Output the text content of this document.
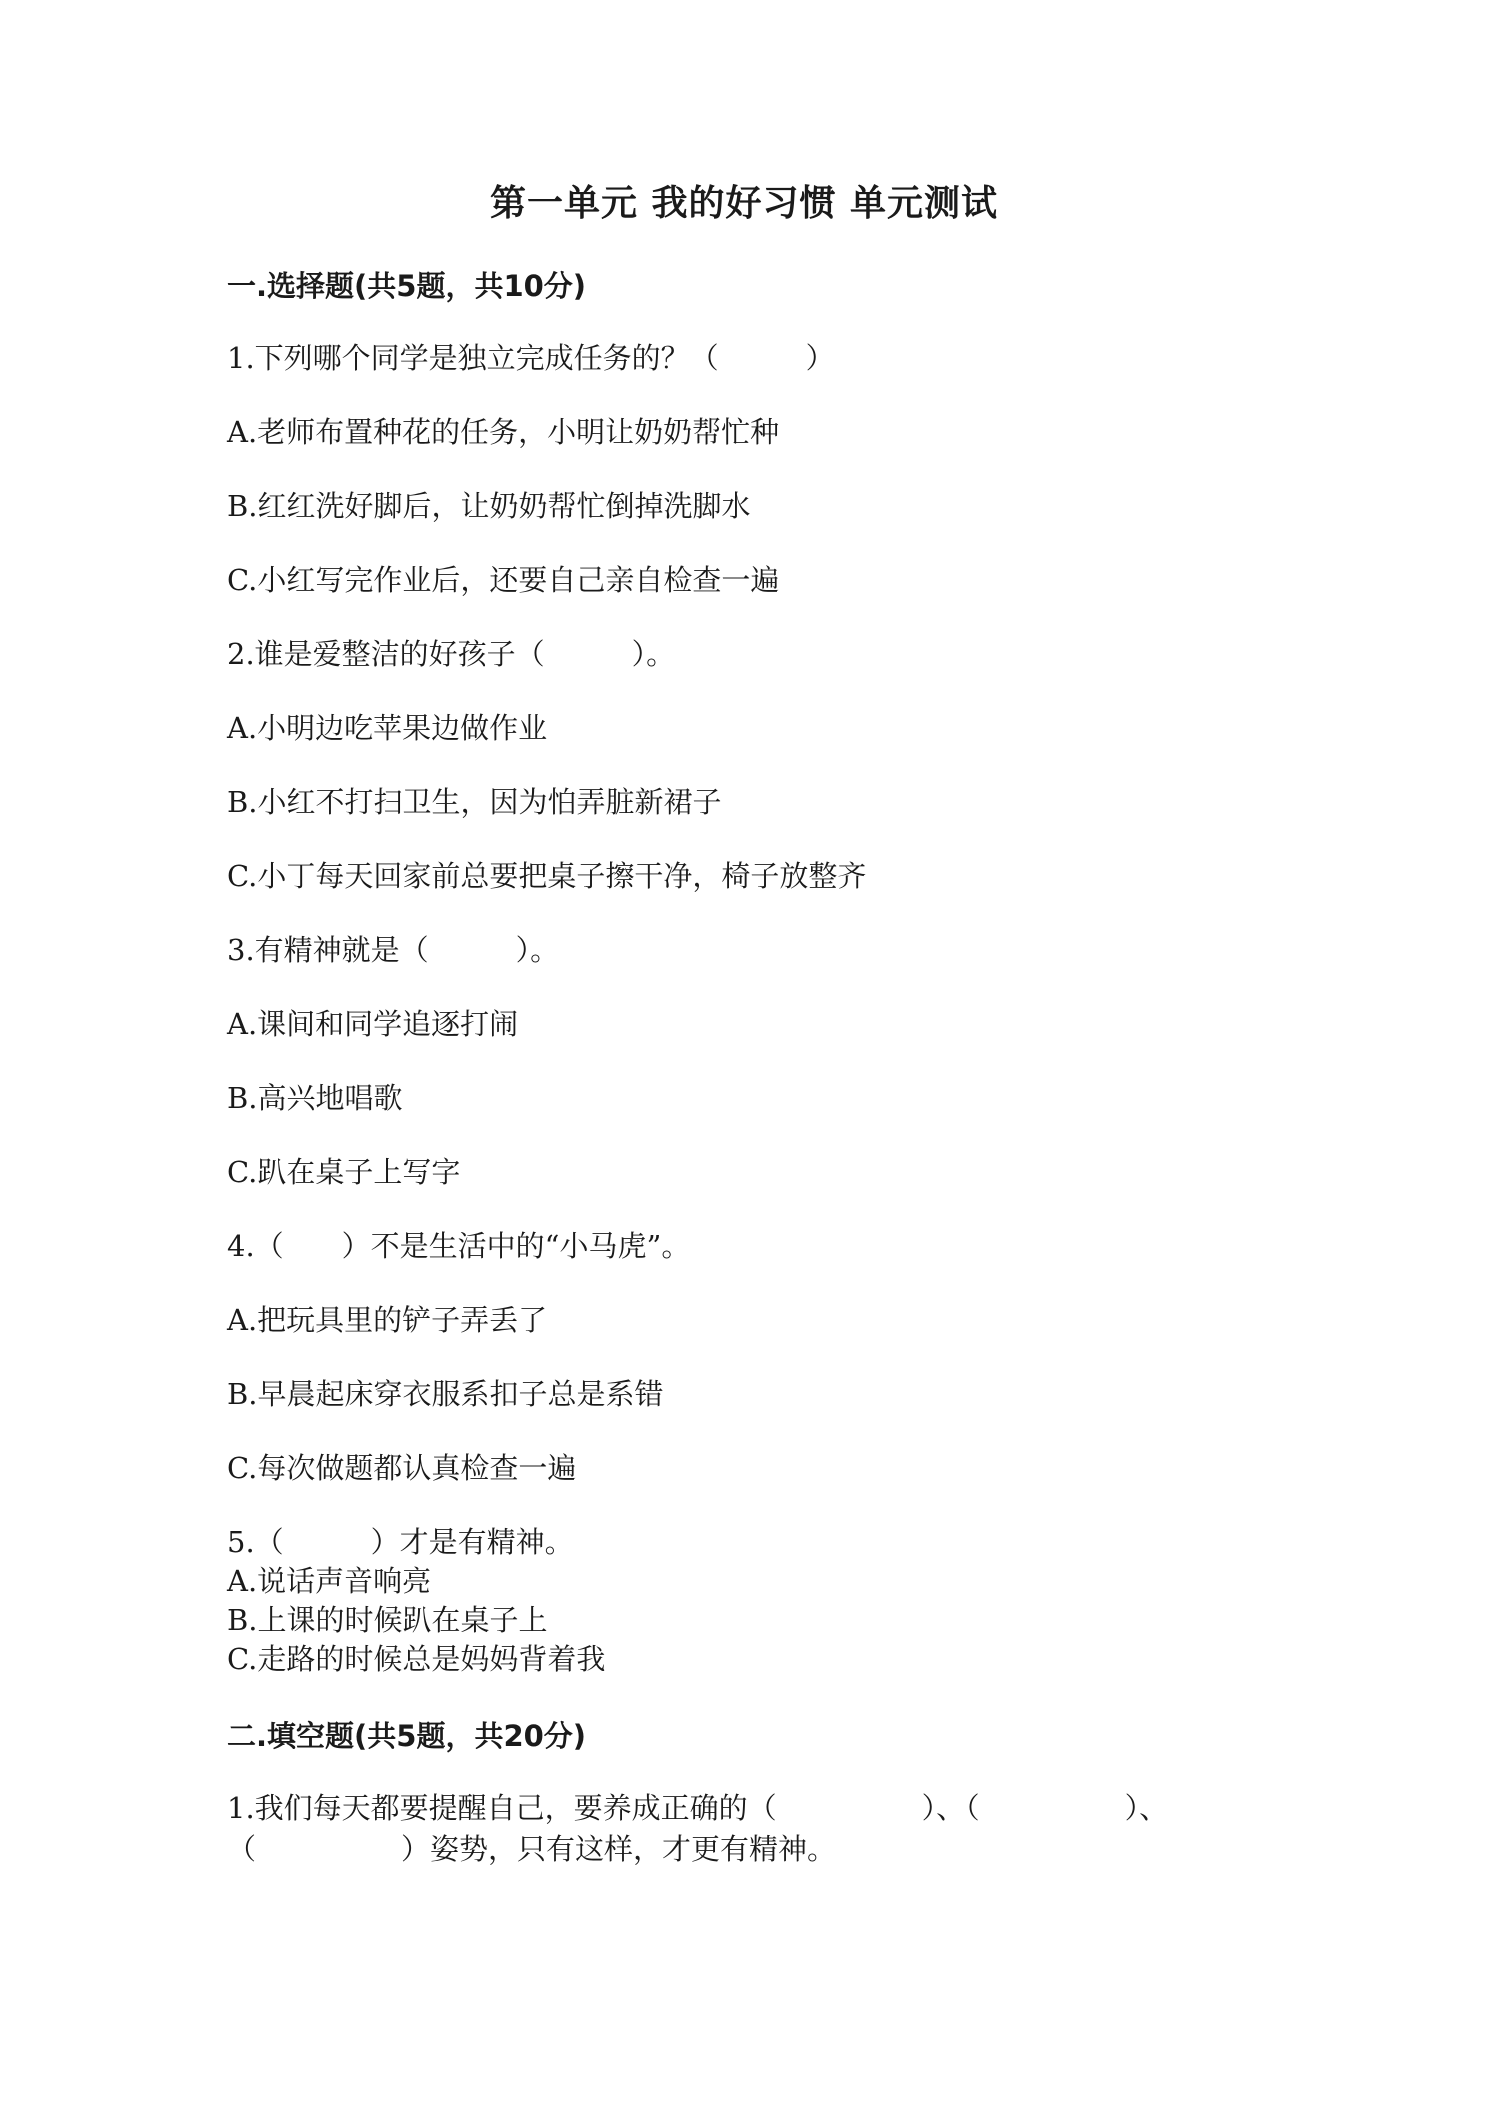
第一单元 我的好习惯 单元测试
一.选择题(共5题，共10分)
1.下列哪个同学是独立完成任务的？（　　　）
A.老师布置种花的任务，小明让奶奶帮忙种
B.红红洗好脚后，让奶奶帮忙倒掉洗脚水
C.小红写完作业后，还要自己亲自检查一遍
2.谁是爱整洁的好孩子（　　　）。
A.小明边吃苹果边做作业
B.小红不打扫卫生，因为怕弄脏新裙子
C.小丁每天回家前总要把桌子擦干净，椅子放整齐
3.有精神就是（　　　）。
A.课间和同学追逐打闹
B.高兴地唱歌
C.趴在桌子上写字
4.（　　）不是生活中的“小马虎”。
A.把玩具里的铲子弄丢了
B.早晨起床穿衣服系扣子总是系错
C.每次做题都认真检查一遍
5.（　　　）才是有精神。
A.说话声音响亮
B.上课的时候趴在桌子上
C.走路的时候总是妈妈背着我
二.填空题(共5题，共20分)
1.我们每天都要提醒自己，要养成正确的（　　　　　）、（　　　　　）、
（　　　　　）姿势，只有这样，才更有精神。
